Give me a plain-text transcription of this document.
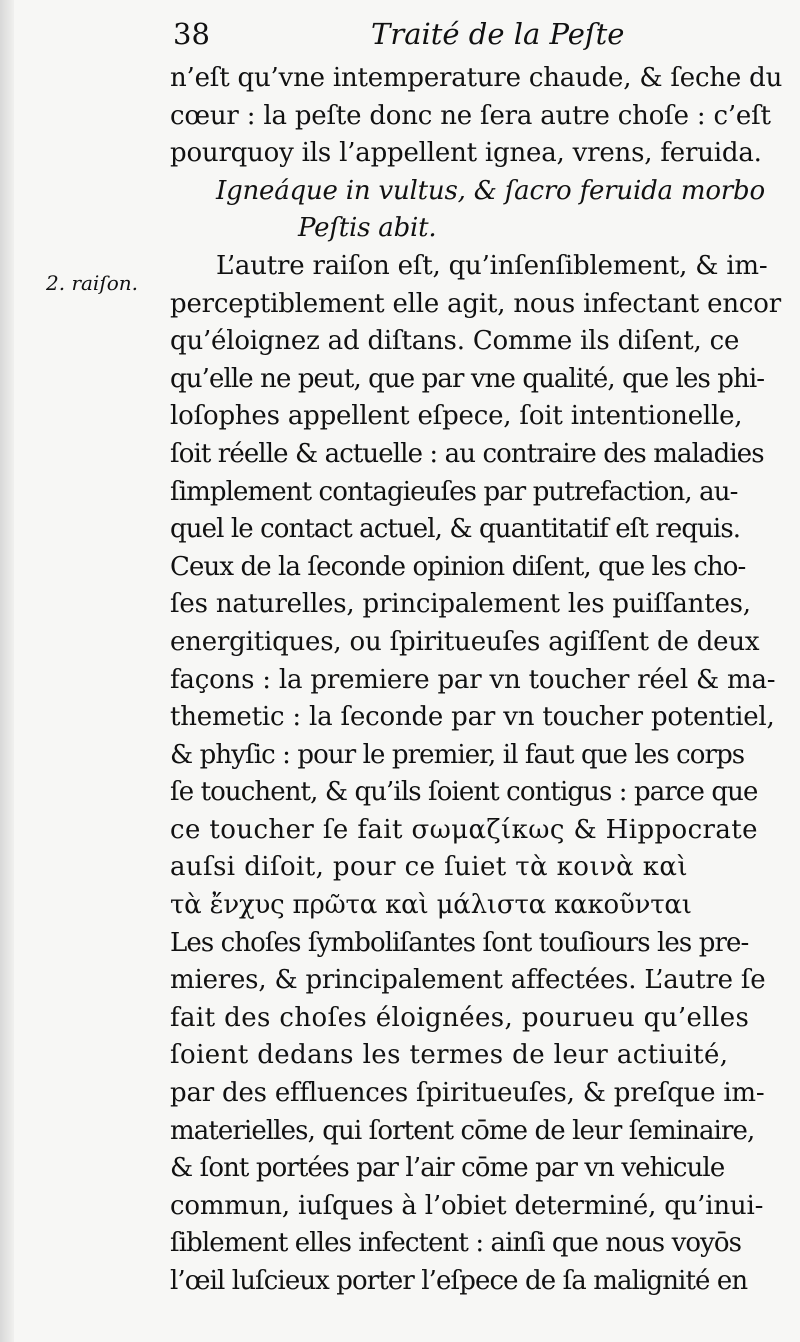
38	Traité de la Peſte
2. raiſon.
n’eſt qu’vne intemperature chaude, & ſeche du
cœur : la peſte donc ne ſera autre choſe : c’eſt
pourquoy ils l’appellent ignea, vrens, feruida.
Igneáque in vultus, & ſacro feruida morbo
Peſtis abit.
L’autre raiſon eſt, qu’inſenſiblement, & im-
perceptiblement elle agit, nous infectant encor
qu’éloignez ad diſtans. Comme ils diſent, ce
qu’elle ne peut, que par vne qualité, que les phi-
loſophes appellent eſpece, ſoit intentionelle,
ſoit réelle & actuelle : au contraire des maladies
ſimplement contagieuſes par putrefaction, au-
quel le contact actuel, & quantitatif eſt requis.
Ceux de la ſeconde opinion diſent, que les cho-
ſes naturelles, principalement les puiſſantes,
energitiques, ou ſpiritueuſes agiſſent de deux
façons : la premiere par vn toucher réel & ma-
themetic : la ſeconde par vn toucher potentiel,
& phyſic : pour le premier, il faut que les corps
ſe touchent, & qu’ils ſoient contigus : parce que
ce toucher ſe fait σωμαζίκως & Hippocrate
auſsi diſoit, pour ce ſuiet τὰ κοινὰ καὶ
τὰ ἔνχυς πρῶτα καὶ μάλιστα κακοῦνται
Les choſes ſymboliſantes ſont touſiours les pre-
mieres, & principalement affectées. L’autre ſe
fait des choſes éloignées, pourueu qu’elles
ſoient dedans les termes de leur actiuité,
par des effluences ſpiritueuſes, & preſque im-
materielles, qui ſortent cōme de leur ſeminaire,
& ſont portées par l’air cōme par vn vehicule
commun, iuſques à l’obiet determiné, qu’inui-
ſiblement elles infectent : ainſi que nous voyōs
l’œil luſcieux porter l’eſpece de ſa malignité en
